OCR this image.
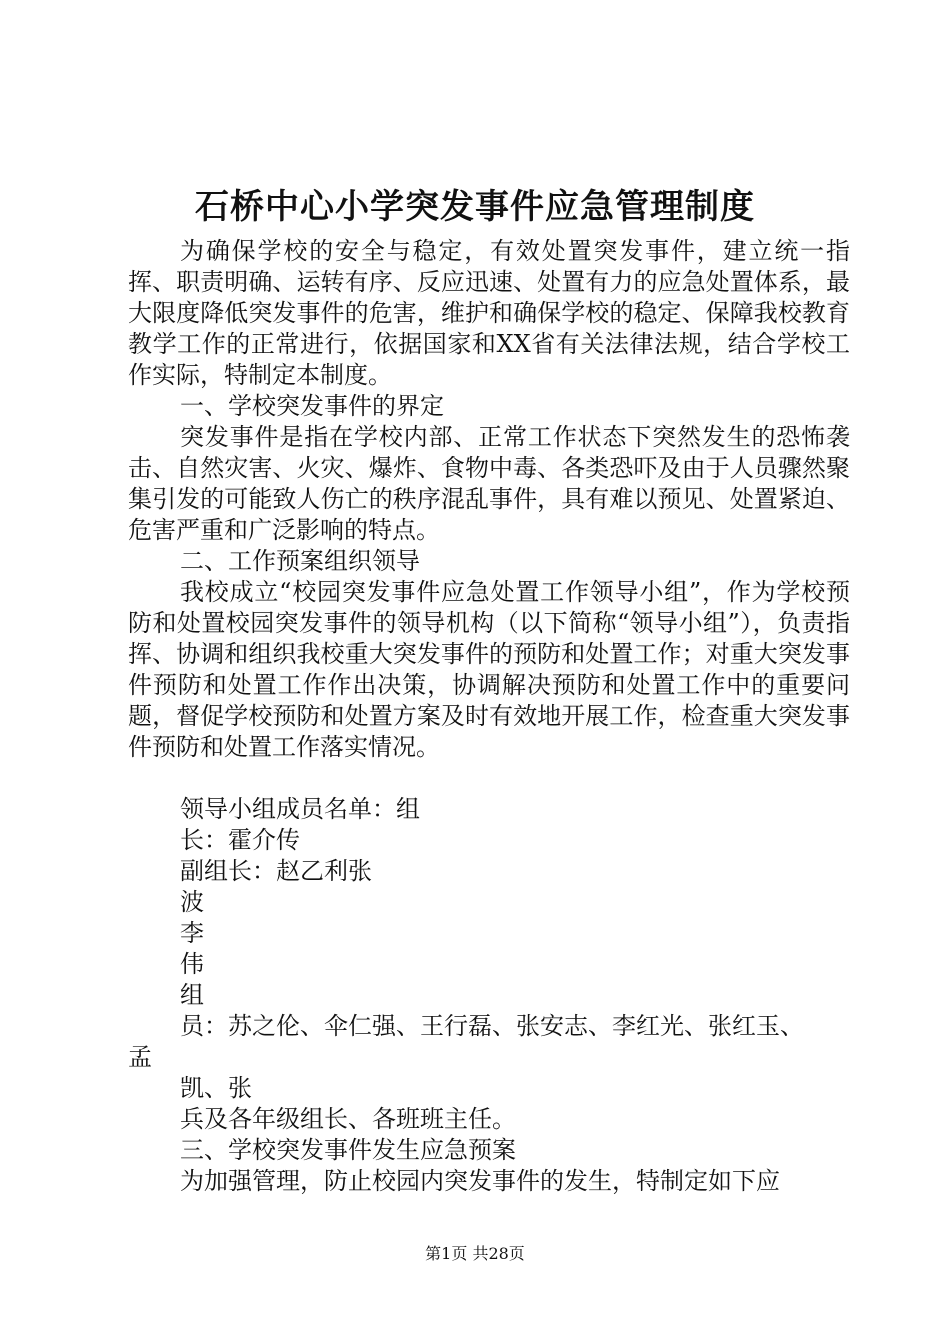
石桥中心小学突发事件应急管理制度

为确保学校的安全与稳定，有效处置突发事件，建立统一指挥、职责明确、运转有序、反应迅速、处置有力的应急处置体系，最大限度降低突发事件的危害，维护和确保学校的稳定、保障我校教育教学工作的正常进行，依据国家和XX省有关法律法规，结合学校工作实际，特制定本制度。

一、学校突发事件的界定

突发事件是指在学校内部、正常工作状态下突然发生的恐怖袭击、自然灾害、火灾、爆炸、食物中毒、各类恐吓及由于人员骤然聚集引发的可能致人伤亡的秩序混乱事件，具有难以预见、处置紧迫、危害严重和广泛影响的特点。

二、工作预案组织领导

我校成立“校园突发事件应急处置工作领导小组”，作为学校预防和处置校园突发事件的领导机构（以下简称“领导小组”），负责指挥、协调和组织我校重大突发事件的预防和处置工作；对重大突发事件预防和处置工作作出决策，协调解决预防和处置工作中的重要问题，督促学校预防和处置方案及时有效地开展工作，检查重大突发事件预防和处置工作落实情况。

领导小组成员名单：组

长：霍介传

副组长：赵乙利张

波

李

伟

组

员：苏之伦、伞仁强、王行磊、张安志、李红光、张红玉、

孟

凯、张

兵及各年级组长、各班班主任。

三、学校突发事件发生应急预案

为加强管理，防止校园内突发事件的发生，特制定如下应

第1页 共28页
